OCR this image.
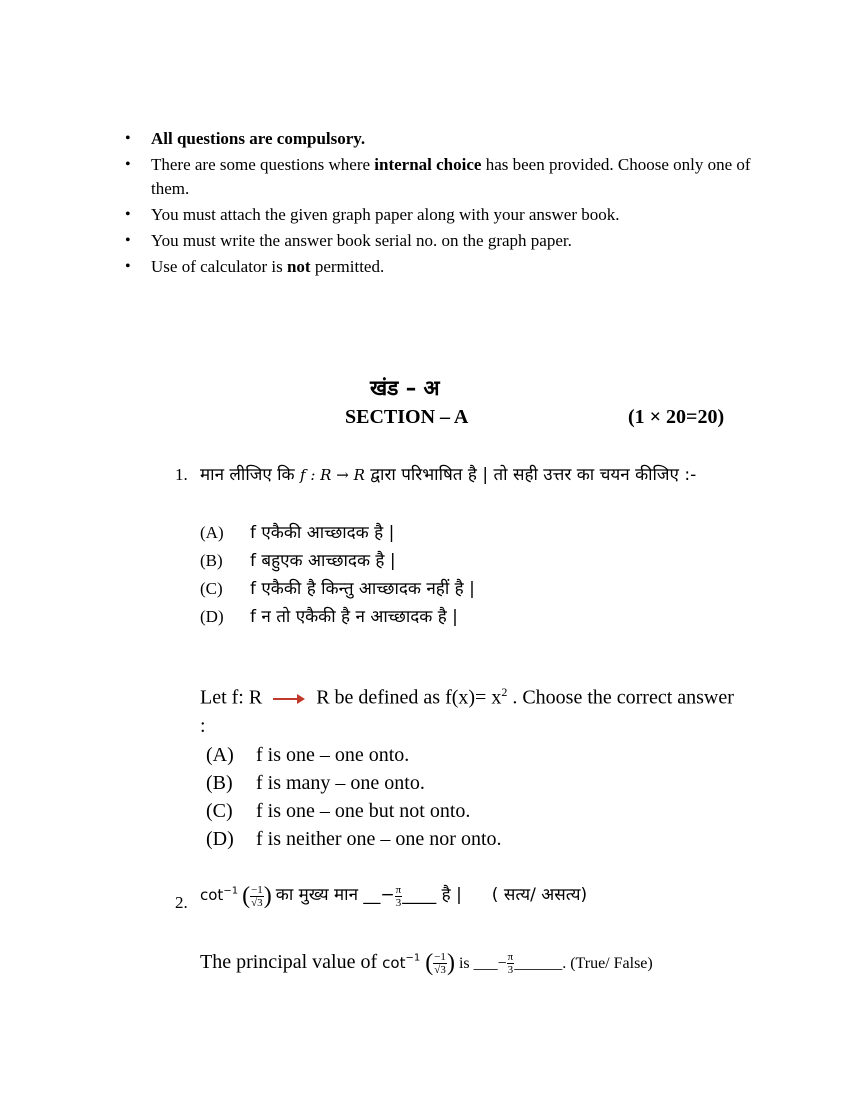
• All questions are compulsory.
• There are some questions where internal choice has been provided. Choose only one of them.
• You must attach the given graph paper along with your answer book.
• You must write the answer book serial no. on the graph paper.
• Use of calculator is not permitted.
खंड – अ
SECTION – A	(1 × 20=20)
1. मान लीजिए कि f : R → R द्वारा परिभाषित है | तो सही उत्तर का चयन कीजिए :-
(A) f एकैकी आच्छादक है |
(B) f बहुएक आच्छादक है |
(C) f एकैकी है किन्तु आच्छादक नहीं है |
(D) f न तो एकैकी है न आच्छादक है |
Let f: R  R be defined as $f(x)= x^2$ . Choose the correct answer :
(A) f is one – one onto.
(B) f is many – one onto.
(C) f is one – one but not onto.
(D) f is neither one – one nor onto.
2. $\cot^{-1}$ ( $\frac{-1}{√3}$ ) का मुख्य मान __− $\frac{\pi}{3}$ ____ है | ( सत्य/ असत्य)
The principal value of $\cot^{-1}$ ( $\frac{-1}{√3}$ ) is ___− $\frac{\pi}{3}$ ______. (True/ False)
